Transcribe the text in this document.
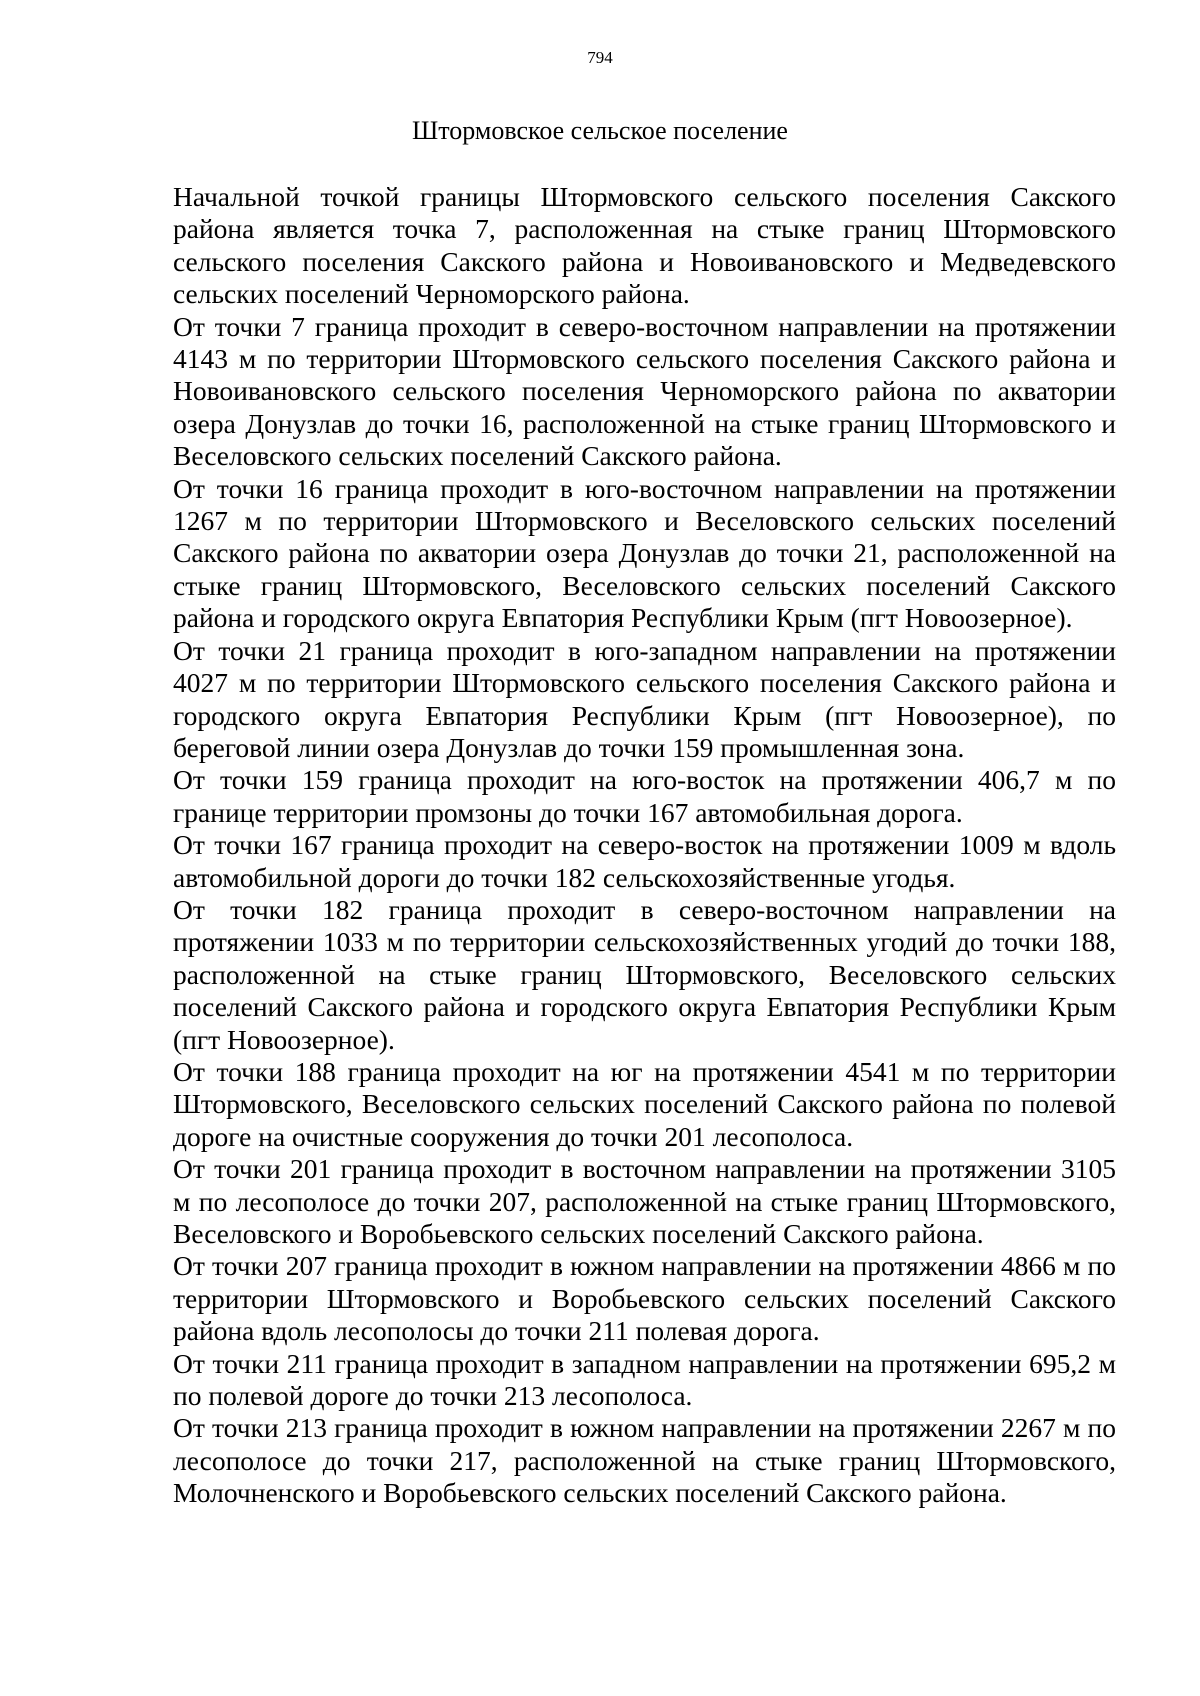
794
Штормовское сельское поселение

Начальной точкой границы Штормовского сельского поселения Сакского района является точка 7, расположенная на стыке границ Штормовского сельского поселения Сакского района и Новоивановского и Медведевского сельских поселений Черноморского района.

От точки 7 граница проходит в северо-восточном направлении на протяжении 4143 м по территории Штормовского сельского поселения Сакского района и Новоивановского сельского поселения Черноморского района по акватории озера Донузлав до точки 16, расположенной на стыке границ Штормовского и Веселовского сельских поселений Сакского района.

От точки 16 граница проходит в юго-восточном направлении на протяжении 1267 м по территории Штормовского и Веселовского сельских поселений Сакского района по акватории озера Донузлав до точки 21, расположенной на стыке границ Штормовского, Веселовского сельских поселений Сакского района и городского округа Евпатория Республики Крым (пгт Новоозерное).

От точки 21 граница проходит в юго-западном направлении на протяжении 4027 м по территории Штормовского сельского поселения Сакского района и городского округа Евпатория Республики Крым (пгт Новоозерное), по береговой линии озера Донузлав до точки 159 промышленная зона.

От точки 159 граница проходит на юго-восток на протяжении 406,7 м по границе территории промзоны до точки 167 автомобильная дорога.

От точки 167 граница проходит на северо-восток на протяжении 1009 м вдоль автомобильной дороги до точки 182 сельскохозяйственные угодья.

От точки 182 граница проходит в северо-восточном направлении на протяжении 1033 м по территории сельскохозяйственных угодий до точки 188, расположенной на стыке границ Штормовского, Веселовского сельских поселений Сакского района и городского округа Евпатория Республики Крым (пгт Новоозерное).

От точки 188 граница проходит на юг на протяжении 4541 м по территории Штормовского, Веселовского сельских поселений Сакского района по полевой дороге на очистные сооружения до точки 201 лесополоса.

От точки 201 граница проходит в восточном направлении на протяжении 3105 м по лесополосе до точки 207, расположенной на стыке границ Штормовского, Веселовского и Воробьевского сельских поселений Сакского района.

От точки 207 граница проходит в южном направлении на протяжении 4866 м по территории Штормовского и Воробьевского сельских поселений Сакского района вдоль лесополосы до точки 211 полевая дорога.

От точки 211 граница проходит в западном направлении на протяжении 695,2 м по полевой дороге до точки 213 лесополоса.

От точки 213 граница проходит в южном направлении на протяжении 2267 м по лесополосе до точки 217, расположенной на стыке границ Штормовского, Молочненского и Воробьевского сельских поселений Сакского района.
